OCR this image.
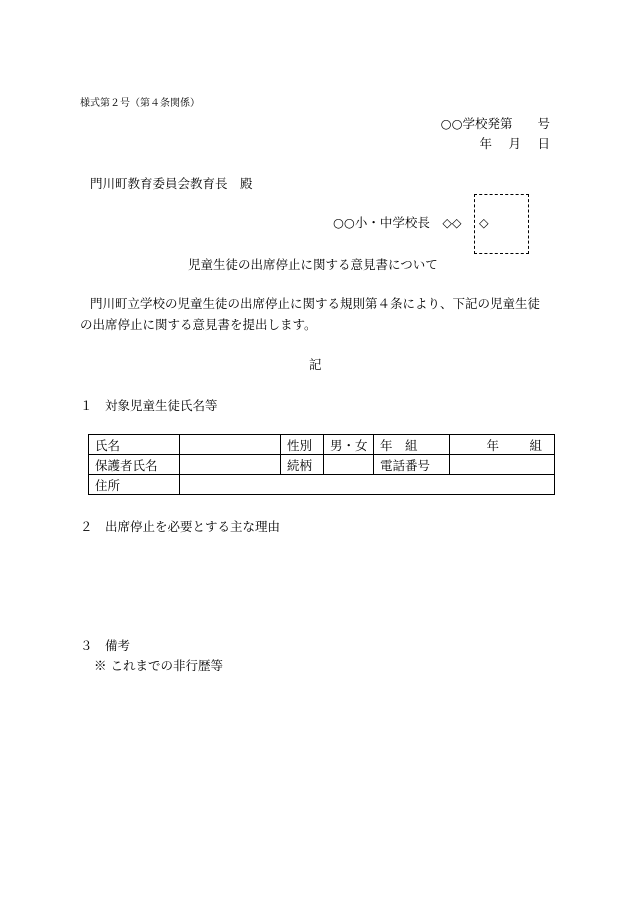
様式第２号（第４条関係）
○○学校発第　　号
年　 月　 日
門川町教育委員会教育長　殿
○○小・中学校長　◇◇ ◇
児童生徒の出席停止に関する意見書について
門川町立学校の児童生徒の出席停止に関する規則第４条により、下記の児童生徒
の出席停止に関する意見書を提出します。
記
１　対象児童生徒氏名等
氏名		性別	男・女	年　組	年 組

保護者氏名		続柄		電話番号	
住所					
２　出席停止を必要とする主な理由
３　備考
※ これまでの非行歴等
